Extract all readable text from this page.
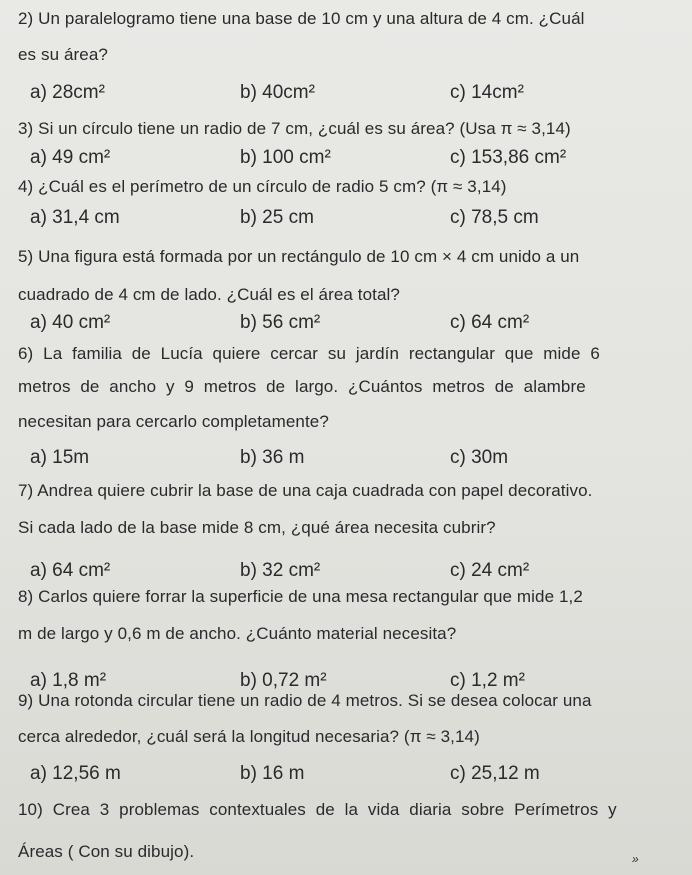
2) Un paralelogramo tiene una base de 10 cm y una altura de 4 cm. ¿Cuál
es su área?
a) 28cm²	b) 40cm²	c) 14cm²
3) Si un círculo tiene un radio de 7 cm, ¿cuál es su área? (Usa π ≈ 3,14)
a) 49 cm²	b) 100 cm²	c) 153,86 cm²
4) ¿Cuál es el perímetro de un círculo de radio 5 cm? (π ≈ 3,14)
a) 31,4 cm	b) 25 cm	c) 78,5 cm
5) Una figura está formada por un rectángulo de 10 cm × 4 cm unido a un
cuadrado de 4 cm de lado. ¿Cuál es el área total?
a) 40 cm²	b) 56 cm²	c) 64 cm²
6) La familia de Lucía quiere cercar su jardín rectangular que mide 6
metros de ancho y 9 metros de largo. ¿Cuántos metros de alambre
necesitan para cercarlo completamente?
a) 15m	b) 36 m	c) 30m
7) Andrea quiere cubrir la base de una caja cuadrada con papel decorativo.
Si cada lado de la base mide 8 cm, ¿qué área necesita cubrir?
a) 64 cm²	b) 32 cm²	c) 24 cm²
8) Carlos quiere forrar la superficie de una mesa rectangular que mide 1,2
m de largo y 0,6 m de ancho. ¿Cuánto material necesita?
a) 1,8 m²	b) 0,72 m²	c) 1,2 m²
9) Una rotonda circular tiene un radio de 4 metros. Si se desea colocar una
cerca alrededor, ¿cuál será la longitud necesaria? (π ≈ 3,14)
a) 12,56 m	b) 16 m	c) 25,12 m
10) Crea 3 problemas contextuales de la vida diaria sobre Perímetros y
Áreas ( Con su dibujo).	»
